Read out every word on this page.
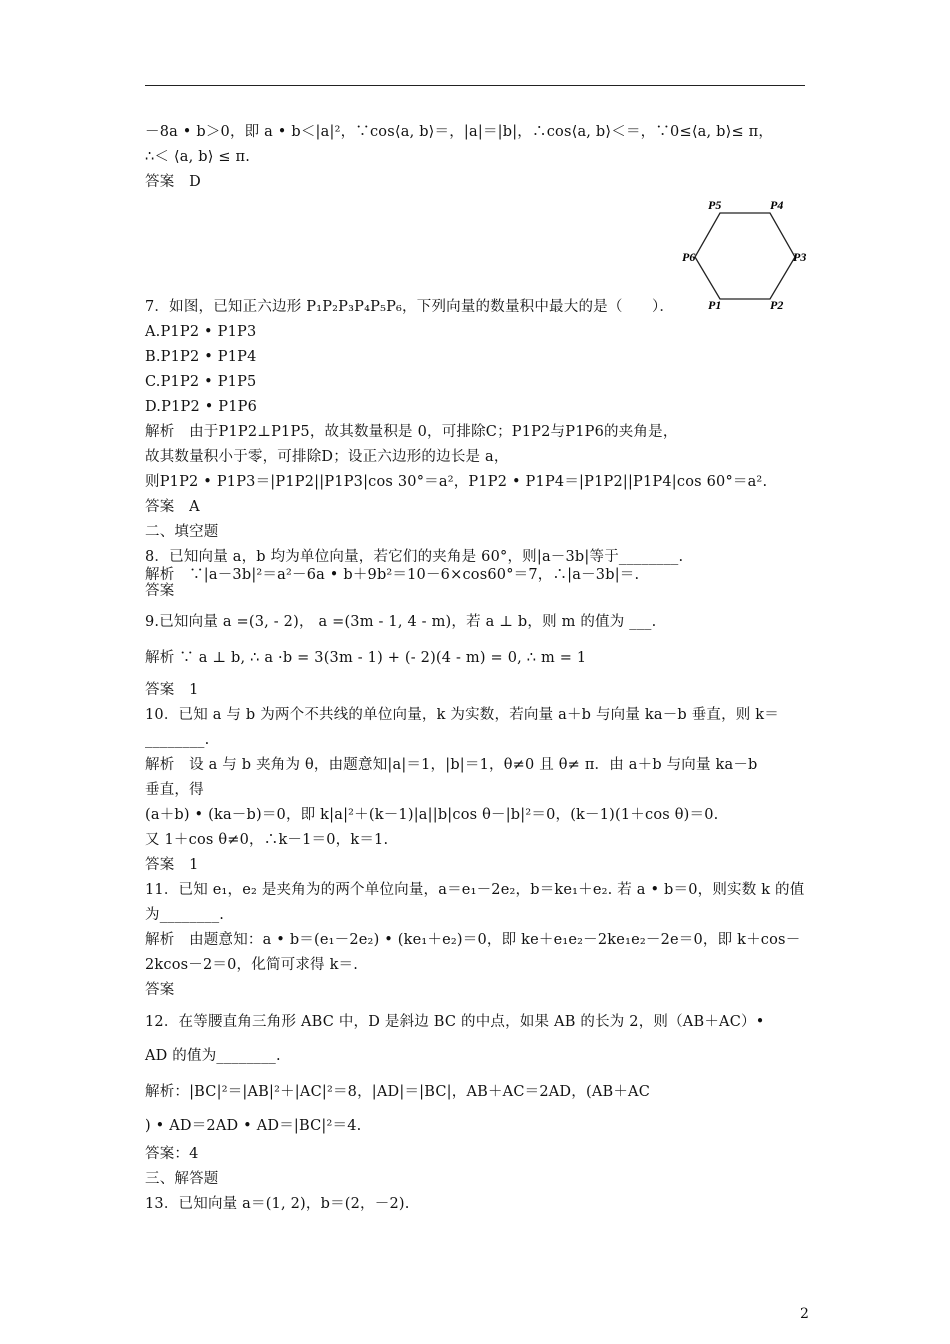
－8a • b＞0，即 a • b＜|a|²，∵cos⟨a, b⟩＝，|a|＝|b|，∴cos⟨a, b⟩＜＝，∵0≤⟨a, b⟩≤ π，
∴＜ ⟨a, b⟩ ≤ π.
答案　D
P5	P4
P6	P3
P1	P2
7．如图，已知正六边形 P₁P₂P₃P₄P₅P₆，下列向量的数量积中最大的是（　　）．
A.P1P2 • P1P3
B.P1P2 • P1P4
C.P1P2 • P1P5
D.P1P2 • P1P6
解析　由于P1P2⊥P1P5，故其数量积是 0，可排除C；P1P2与P1P6的夹角是，
故其数量积小于零，可排除D；设正六边形的边长是 a，
则P1P2 • P1P3＝|P1P2||P1P3|cos 30°＝a²，P1P2 • P1P4＝|P1P2||P1P4|cos 60°＝a².
答案　A
二、填空题
8．已知向量 a，b 均为单位向量，若它们的夹角是 60°，则|a－3b|等于________.
解析　∵|a－3b|²＝a²－6a • b＋9b²＝10－6×cos60°＝7，∴|a－3b|＝.
答案
9.已知向量 a =(3, - 2)， a =(3m - 1, 4 - m)，若 a ⊥ b，则 m 的值为 ___.
解析 ∵ a ⊥ b, ∴ a ·b = 3(3m - 1) + (- 2)(4 - m) = 0, ∴ m = 1
答案　1
10．已知 a 与 b 为两个不共线的单位向量，k 为实数，若向量 a＋b 与向量 ka－b 垂直，则 k＝
________.
解析　设 a 与 b 夹角为 θ，由题意知|a|＝1，|b|＝1，θ≠0 且 θ≠ π．由 a＋b 与向量 ka－b
垂直，得
(a＋b) • (ka－b)＝0，即 k|a|²＋(k－1)|a||b|cos θ－|b|²＝0，(k－1)(1＋cos θ)＝0.
又 1＋cos θ≠0，∴k－1＝0，k＝1.
答案　1
11．已知 e₁，e₂ 是夹角为的两个单位向量，a＝e₁－2e₂，b＝ke₁＋e₂. 若 a • b＝0，则实数 k 的值
为________.
解析　由题意知：a • b＝(e₁－2e₂) • (ke₁＋e₂)＝0，即 ke＋e₁e₂－2ke₁e₂－2e＝0，即 k＋cos－
2kcos－2＝0，化简可求得 k＝.
答案
12．在等腰直角三角形 ABC 中，D 是斜边 BC 的中点，如果 AB 的长为 2，则（AB＋AC）•
AD 的值为________.
解析：|BC|²＝|AB|²＋|AC|²＝8，|AD|＝|BC|，AB＋AC＝2AD，(AB＋AC
) • AD＝2AD • AD＝|BC|²＝4.
答案：4
三、解答题
13．已知向量 a＝(1, 2)，b＝(2，－2).
2
